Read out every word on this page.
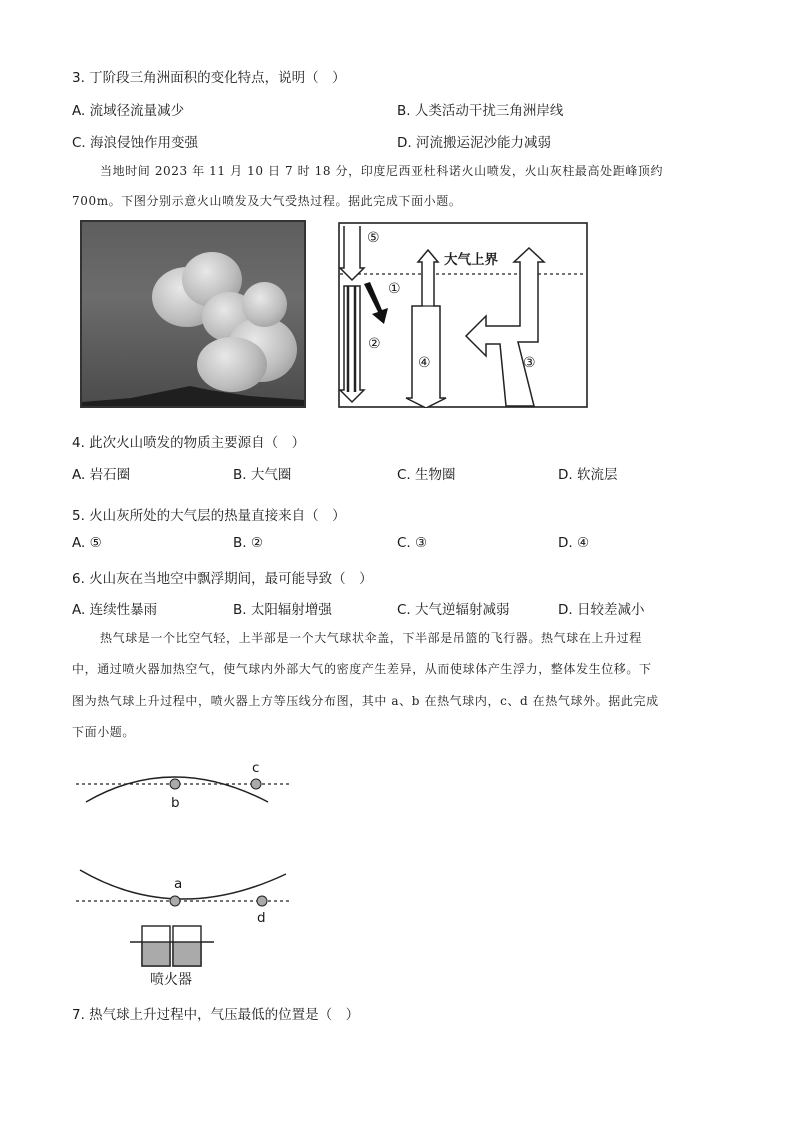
3. 丁阶段三角洲面积的变化特点，说明（　）
A. 流域径流量减少	B. 人类活动干扰三角洲岸线
C. 海浪侵蚀作用变强	D. 河流搬运泥沙能力减弱
当地时间 2023 年 11 月 10 日 7 时 18 分，印度尼西亚杜科诺火山喷发，火山灰柱最高处距峰顶约
700m。下图分别示意火山喷发及大气受热过程。据此完成下面小题。
大气上界
⑤
①
②
④	③
4. 此次火山喷发的物质主要源自（　）
A. 岩石圈	B. 大气圈	C. 生物圈	D. 软流层
5. 火山灰所处的大气层的热量直接来自（　）
A. ⑤	B. ②	C. ③	D. ④
6. 火山灰在当地空中飘浮期间，最可能导致（　）
A. 连续性暴雨	B. 太阳辐射增强	C. 大气逆辐射减弱	D. 日较差减小
热气球是一个比空气轻，上半部是一个大气球状伞盖，下半部是吊篮的飞行器。热气球在上升过程
中，通过喷火器加热空气，使气球内外部大气的密度产生差异，从而使球体产生浮力，整体发生位移。下
图为热气球上升过程中，喷火器上方等压线分布图，其中 a、b 在热气球内，c、d 在热气球外。据此完成
下面小题。
c
b
a
d
喷火器
7. 热气球上升过程中，气压最低的位置是（　）
